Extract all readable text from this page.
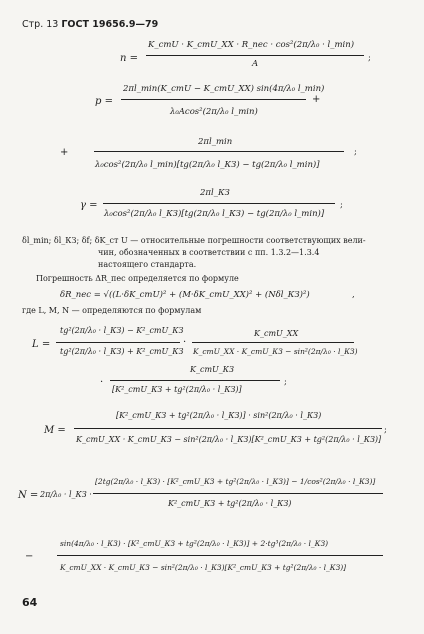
Стр. 13 ГОСТ 19656.9—79
n =
K_стU · K_стU_ХХ · R_пес · cos²(2π/λ₀ · l_min)
A
;
p =
2πl_min(K_стU − K_стU_ХХ) sin(4π/λ₀ l_min)
λ₀Acos²(2π/λ₀ l_min)
+
+
2πl_min
λ₀cos²(2π/λ₀ l_min)[tg(2π/λ₀ l_КЗ) − tg(2π/λ₀ l_min)]
;
γ =
2πl_КЗ
λ₀cos²(2π/λ₀ l_КЗ)[tg(2π/λ₀ l_КЗ) − tg(2π/λ₀ l_min)]
;
δl_min; δl_КЗ; δf; δK_ст U — относительные погрешности соответствующих вели-
чин, обозначенных в соответствии с пп. 1.3.2—1.3.4
настоящего стандарта.
Погрешность ΔR_пес определяется по формуле
δR_пес = √((L·δK_стU)² + (M·δK_стU_ХХ)² + (Nδl_КЗ)²)	,
где L, M, N — определяются по формулам
L =
tg²(2π/λ₀ · l_КЗ) − K²_стU_КЗ
tg²(2π/λ₀ · l_КЗ) + K²_стU_КЗ
·
K_стU_ХХ
K_стU_ХХ · K_стU_КЗ − sin²(2π/λ₀ · l_КЗ)
·
K_стU_КЗ
[K²_стU_КЗ + tg²(2π/λ₀ · l_КЗ)]
;
M =
[K²_стU_КЗ + tg²(2π/λ₀ · l_КЗ)] · sin²(2π/λ₀ · l_КЗ)
K_стU_ХХ · K_стU_КЗ − sin²(2π/λ₀ · l_КЗ)[K²_стU_КЗ + tg²(2π/λ₀ · l_КЗ)]
;
N = 2π/λ₀ · l_КЗ ·
[2tg(2π/λ₀ · l_КЗ) · [K²_стU_КЗ + tg²(2π/λ₀ · l_КЗ)] − 1/cos²(2π/λ₀ · l_КЗ)]
K²_стU_КЗ + tg²(2π/λ₀ · l_КЗ)
−
sin(4π/λ₀ · l_КЗ) · [K²_стU_КЗ + tg²(2π/λ₀ · l_КЗ)] + 2·tg³(2π/λ₀ · l_КЗ)
K_стU_ХХ · K_стU_КЗ − sin²(2π/λ₀ · l_КЗ)[K²_стU_КЗ + tg²(2π/λ₀ · l_КЗ)]
64
